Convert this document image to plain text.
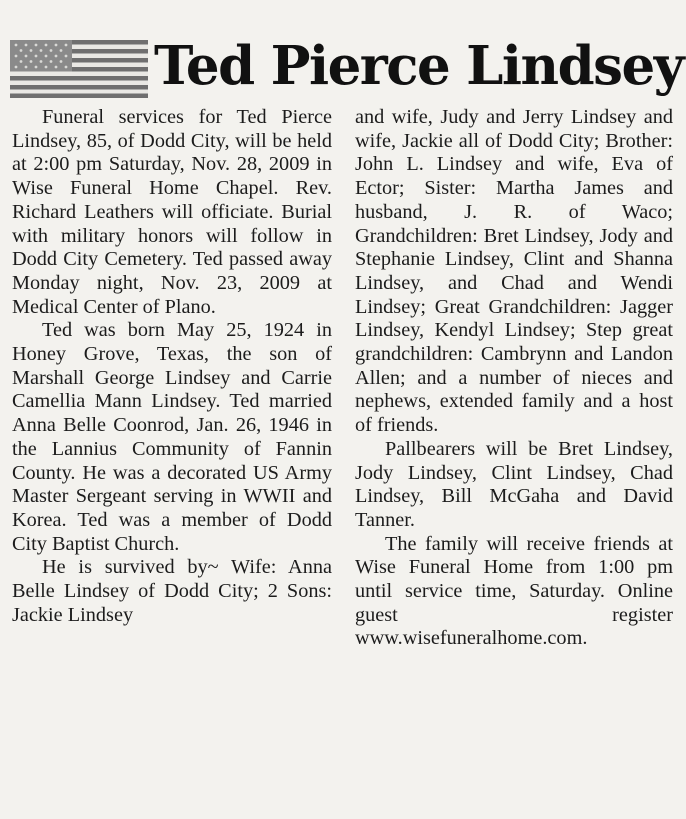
Ted Pierce Lindsey

Funeral services for Ted Pierce Lindsey, 85, of Dodd City, will be held at 2:00 pm Saturday, Nov. 28, 2009 in Wise Funeral Home Chapel. Rev. Richard Leathers will officiate. Burial with military honors will follow in Dodd City Cemetery. Ted passed away Monday night, Nov. 23, 2009 at Medical Center of Plano.

Ted was born May 25, 1924 in Honey Grove, Texas, the son of Marshall George Lindsey and Carrie Camellia Mann Lindsey. Ted married Anna Belle Coonrod, Jan. 26, 1946 in the Lannius Community of Fannin County. He was a decorated US Army Master Sergeant serving in WWII and Korea. Ted was a member of Dodd City Baptist Church.

He is survived by~ Wife: Anna Belle Lindsey of Dodd City; 2 Sons: Jackie Lindsey

and wife, Judy and Jerry Lindsey and wife, Jackie all of Dodd City; Brother: John L. Lindsey and wife, Eva of Ector; Sister: Martha James and husband, J. R. of Waco; Grandchildren: Bret Lindsey, Jody and Stephanie Lindsey, Clint and Shanna Lindsey, and Chad and Wendi Lindsey; Great Grandchildren: Jagger Lindsey, Kendyl Lindsey; Step great grandchildren: Cambrynn and Landon Allen; and a number of nieces and nephews, extended family and a host of friends.

Pallbearers will be Bret Lindsey, Jody Lindsey, Clint Lindsey, Chad Lindsey, Bill McGaha and David Tanner.

The family will receive friends at Wise Funeral Home from 1:00 pm until service time, Saturday. Online guest register www.wisefuneralhome.com.
